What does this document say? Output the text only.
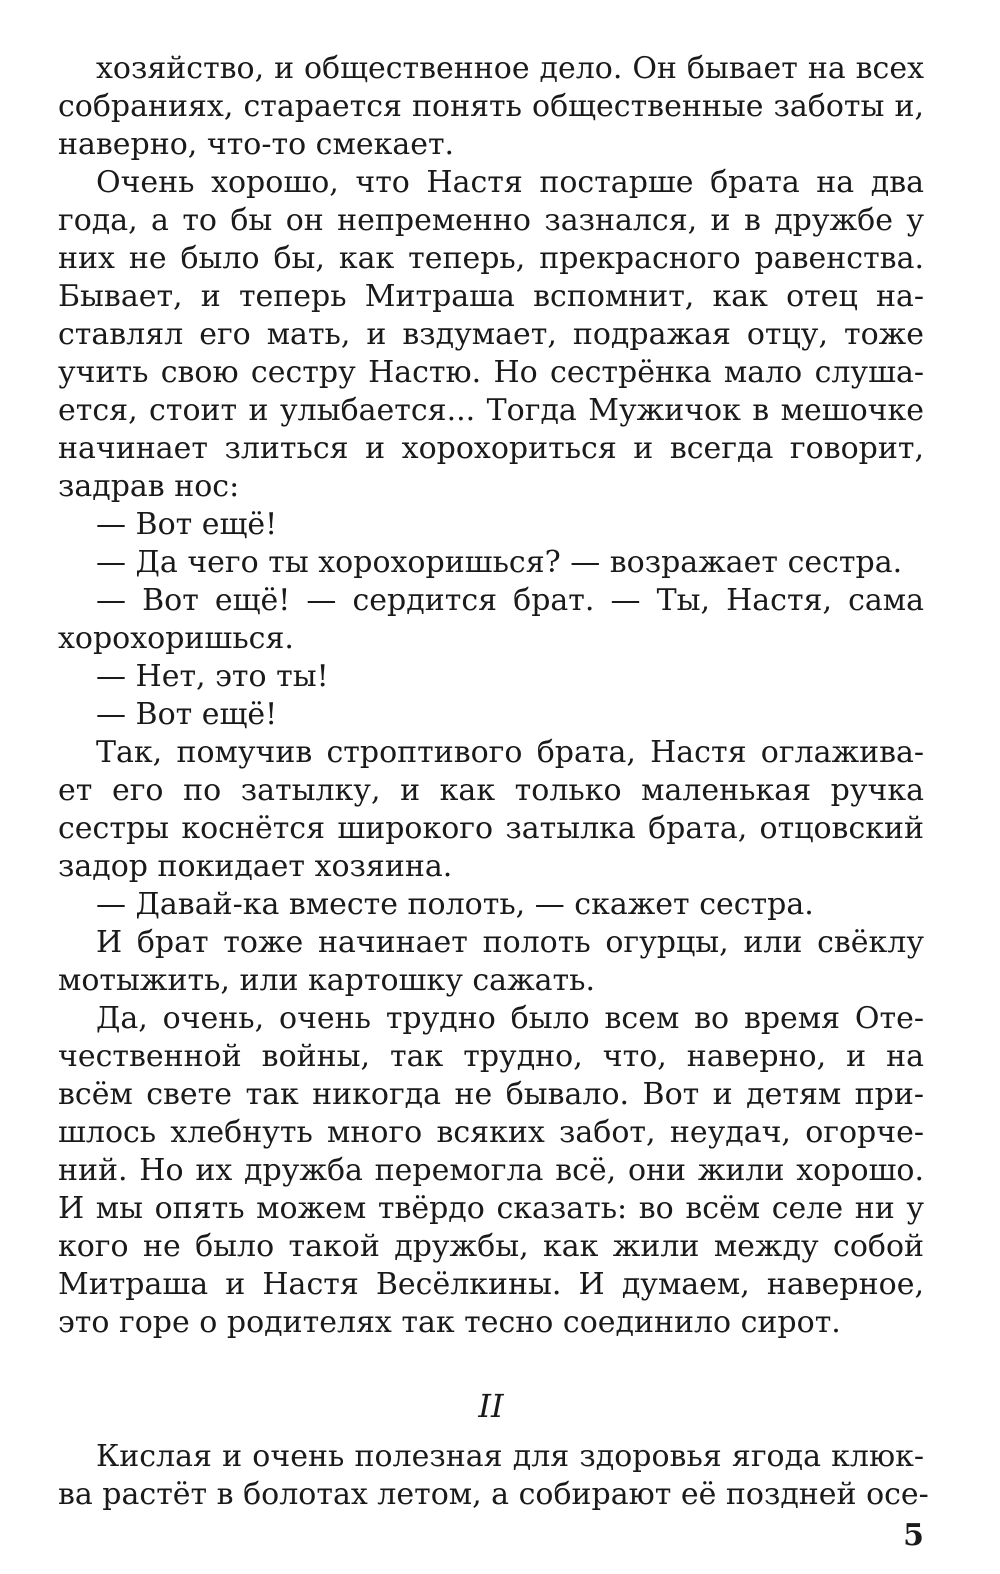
хозяйство, и общественное дело. Он бывает на всех
собраниях, старается понять общественные заботы и,
наверно, что-то смекает.
Очень хорошо, что Настя постарше брата на два
года, а то бы он непременно зазнался, и в дружбе у
них не было бы, как теперь, прекрасного равенства.
Бывает, и теперь Митраша вспомнит, как отец на-
ставлял его мать, и вздумает, подражая отцу, тоже
учить свою сестру Настю. Но сестрёнка мало слуша-
ется, стоит и улыбается... Тогда Мужичок в мешочке
начинает злиться и хорохориться и всегда говорит,
задрав нос:
— Вот ещё!
— Да чего ты хорохоришься? — возражает сестра.
— Вот ещё! — сердится брат. — Ты, Настя, сама
хорохоришься.
— Нет, это ты!
— Вот ещё!
Так, помучив строптивого брата, Настя оглажива-
ет его по затылку, и как только маленькая ручка
сестры коснётся широкого затылка брата, отцовский
задор покидает хозяина.
— Давай-ка вместе полоть, — скажет сестра.
И брат тоже начинает полоть огурцы, или свёклу
мотыжить, или картошку сажать.
Да, очень, очень трудно было всем во время Оте-
чественной войны, так трудно, что, наверно, и на
всём свете так никогда не бывало. Вот и детям при-
шлось хлебнуть много всяких забот, неудач, огорче-
ний. Но их дружба перемогла всё, они жили хорошо.
И мы опять можем твёрдо сказать: во всём селе ни у
кого не было такой дружбы, как жили между собой
Митраша и Настя Весёлкины. И думаем, наверное,
это горе о родителях так тесно соединило сирот.
II
Кислая и очень полезная для здоровья ягода клюк-
ва растёт в болотах летом, а собирают её поздней осе-
5
